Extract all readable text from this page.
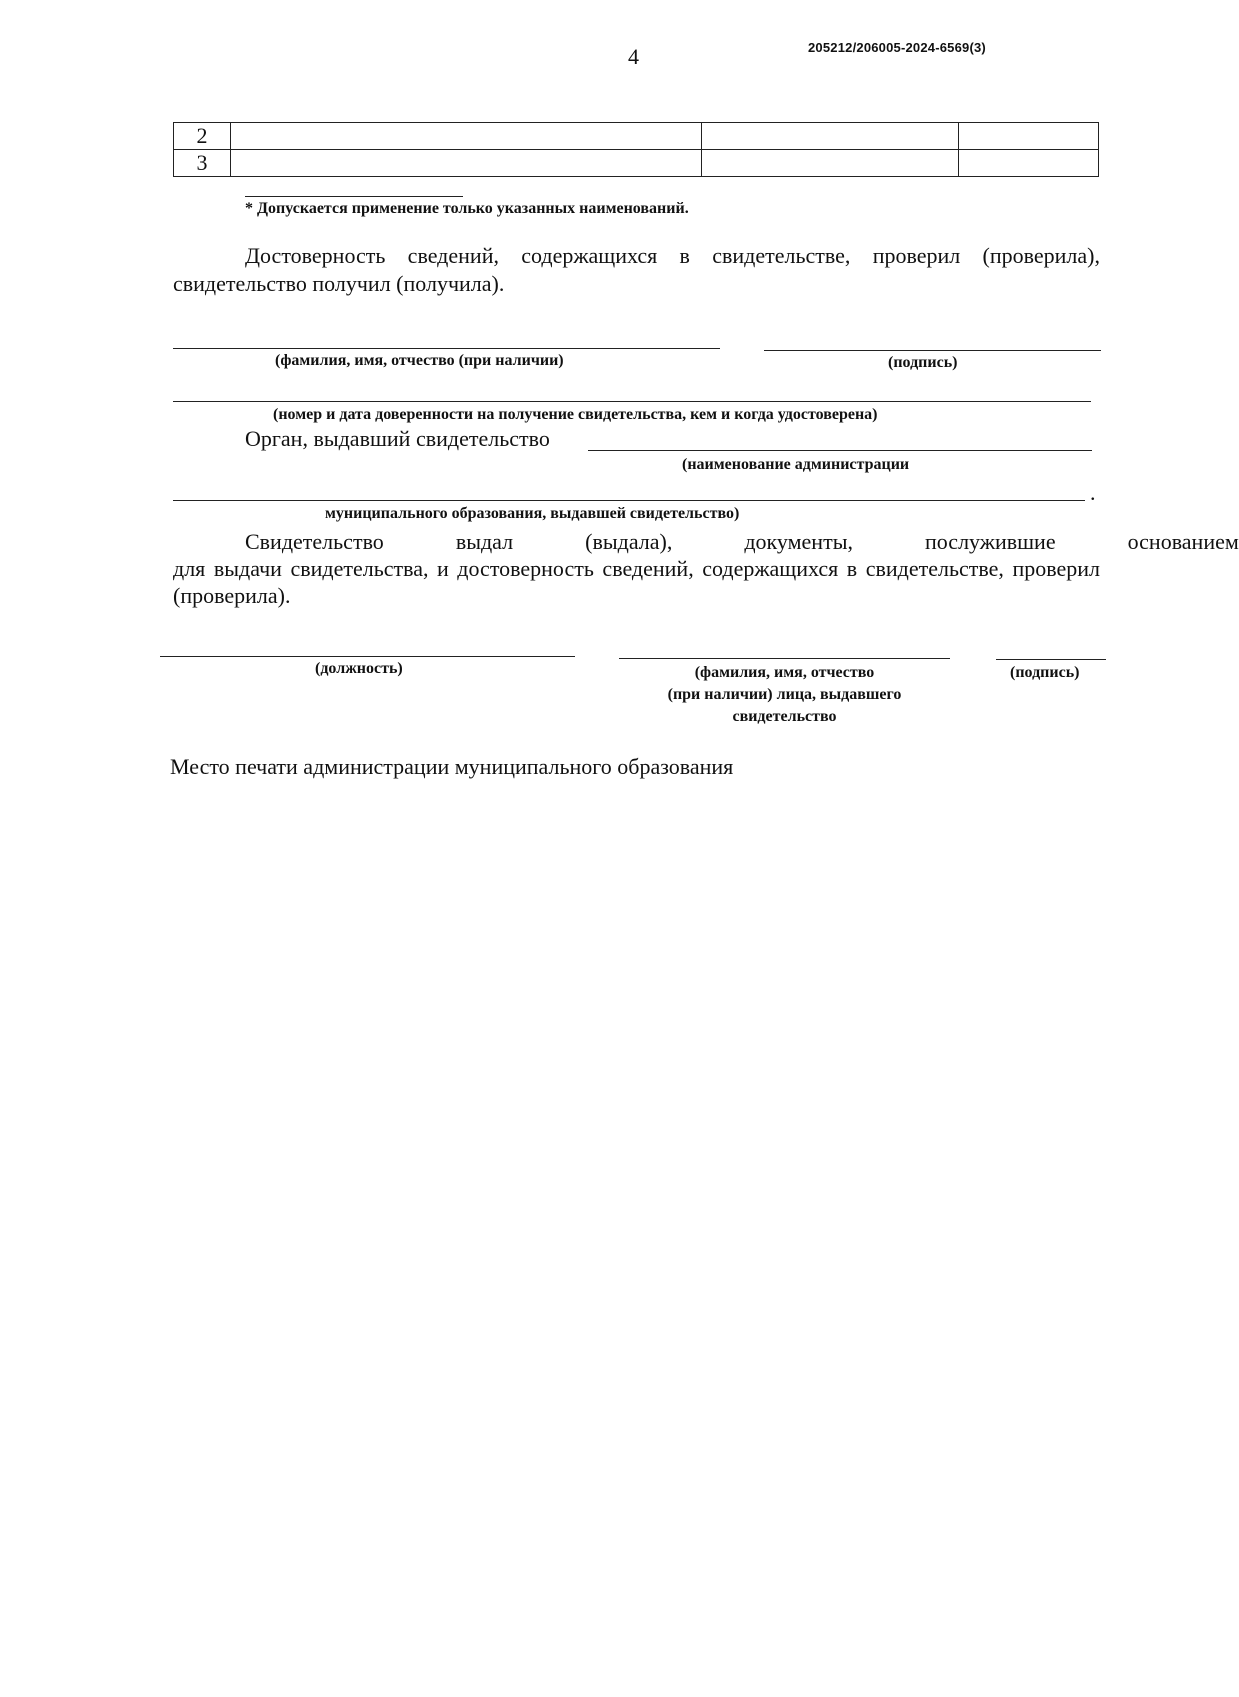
4	205212/206005-2024-6569(3)
2			
3			
* Допускается применение только указанных наименований.
Достоверность сведений, содержащихся в свидетельстве, проверил (проверила), свидетельство получил (получила).
(фамилия, имя, отчество (при наличии)	(подпись)
(номер и дата доверенности на получение свидетельства, кем и когда удостоверена)
Орган, выдавший свидетельство
(наименование администрации
.
муниципального образования, выдавшей свидетельство)
Свидетельство	выдал	(выдала),	документы,	послужившие	основанием
для выдачи свидетельства, и достоверность сведений, содержащихся в свидетельстве, проверил (проверила).
(должность)	(фамилия, имя, отчество
(при наличии) лица, выдавшего
свидетельство
(подпись)
Место печати администрации муниципального образования
